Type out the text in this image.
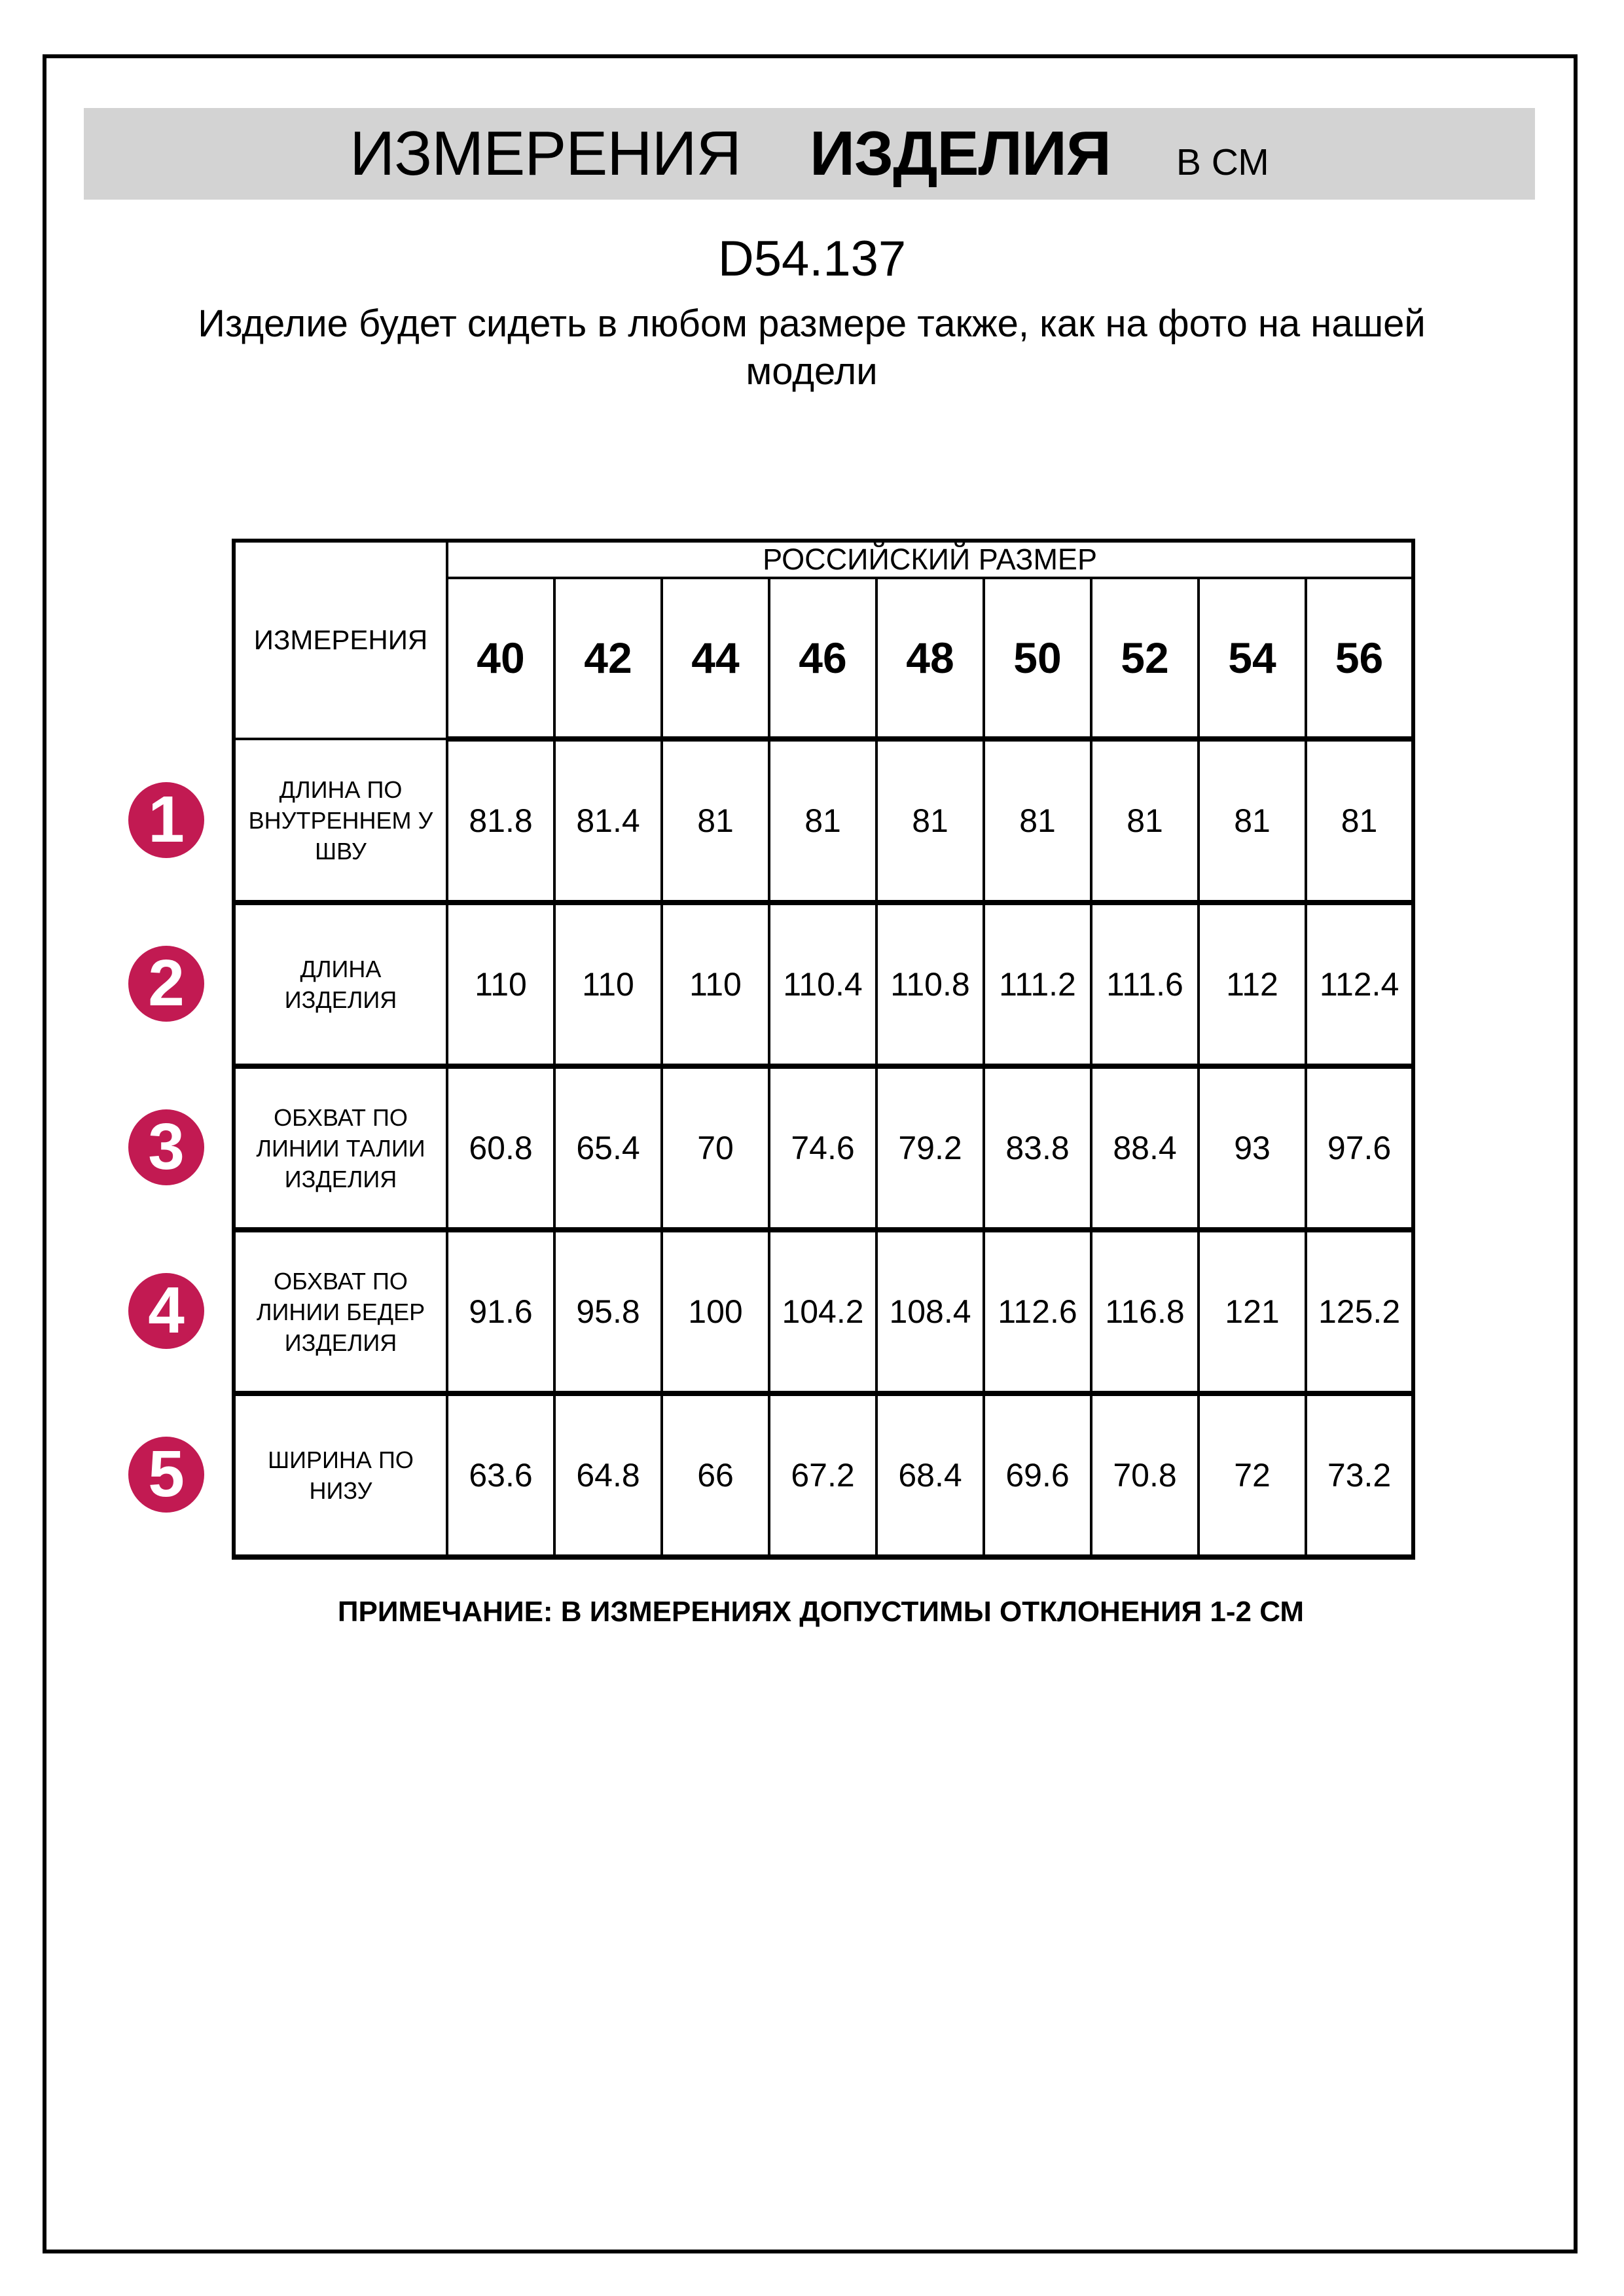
ИЗМЕРЕНИЯ ИЗДЕЛИЯ В СМ
D54.137
Изделие будет сидеть в любом размере также, как на фото на нашей модели
ИЗМЕРЕНИЯ	РОССИЙСКИЙ РАЗМЕР								
	40	42	44	46	48	50	52	54	56
ДЛИНА ПО ВНУТРЕННЕМ У ШВУ	81.8	81.4	81	81	81	81	81	81	81
ДЛИНА ИЗДЕЛИЯ	110	110	110	110.4	110.8	111.2	111.6	112	112.4
ОБХВАТ ПО ЛИНИИ ТАЛИИ ИЗДЕЛИЯ	60.8	65.4	70	74.6	79.2	83.8	88.4	93	97.6
ОБХВАТ ПО ЛИНИИ БЕДЕР ИЗДЕЛИЯ	91.6	95.8	100	104.2	108.4	112.6	116.8	121	125.2
ШИРИНА ПО НИЗУ	63.6	64.8	66	67.2	68.4	69.6	70.8	72	73.2
1
2
3
4
5
ПРИМЕЧАНИЕ: В ИЗМЕРЕНИЯХ ДОПУСТИМЫ ОТКЛОНЕНИЯ 1-2 СМ
